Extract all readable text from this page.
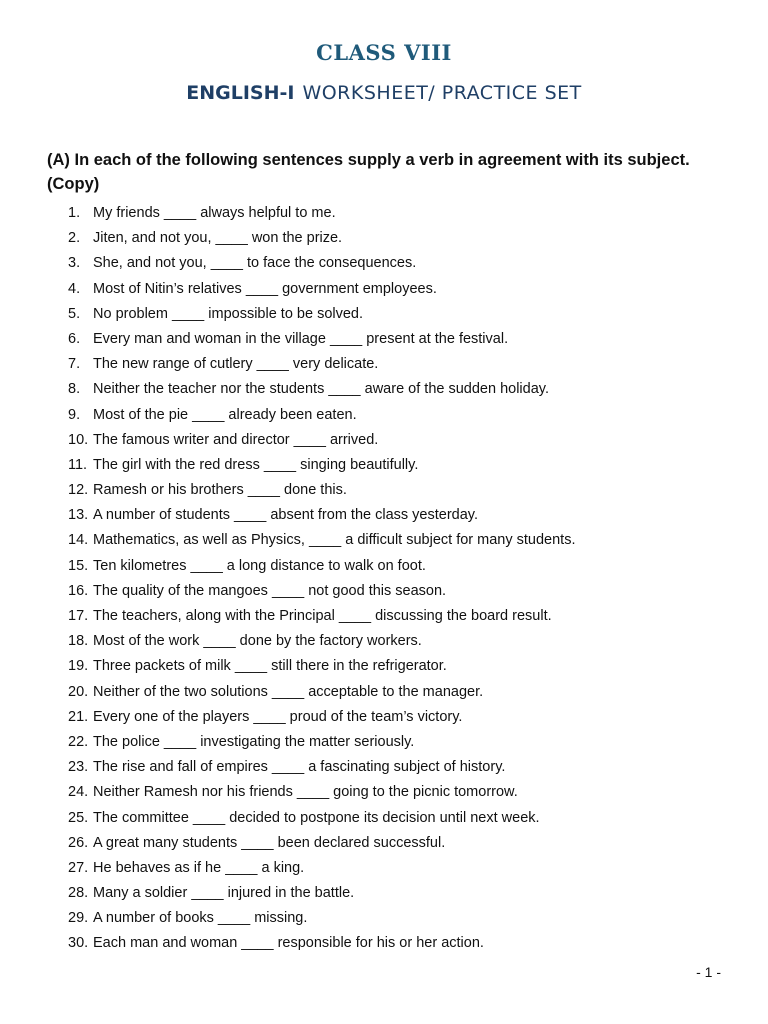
CLASS VIII
ENGLISH-I WORKSHEET/ PRACTICE SET
(A) In each of the following sentences supply a verb in agreement with its subject. (Copy)
1. My friends ____ always helpful to me.
2. Jiten, and not you, ____ won the prize.
3. She, and not you, ____ to face the consequences.
4. Most of Nitin’s relatives ____ government employees.
5. No problem ____ impossible to be solved.
6. Every man and woman in the village ____ present at the festival.
7. The new range of cutlery ____ very delicate.
8. Neither the teacher nor the students ____ aware of the sudden holiday.
9. Most of the pie ____ already been eaten.
10. The famous writer and director ____ arrived.
11. The girl with the red dress ____ singing beautifully.
12. Ramesh or his brothers ____ done this.
13. A number of students ____ absent from the class yesterday.
14. Mathematics, as well as Physics, ____ a difficult subject for many students.
15. Ten kilometres ____ a long distance to walk on foot.
16. The quality of the mangoes ____ not good this season.
17. The teachers, along with the Principal ____ discussing the board result.
18. Most of the work ____ done by the factory workers.
19. Three packets of milk ____ still there in the refrigerator.
20. Neither of the two solutions ____ acceptable to the manager.
21. Every one of the players ____ proud of the team’s victory.
22. The police ____ investigating the matter seriously.
23. The rise and fall of empires ____ a fascinating subject of history.
24. Neither Ramesh nor his friends ____ going to the picnic tomorrow.
25. The committee ____ decided to postpone its decision until next week.
26. A great many students ____ been declared successful.
27. He behaves as if he ____ a king.
28. Many a soldier ____ injured in the battle.
29. A number of books ____ missing.
30. Each man and woman ____ responsible for his or her action.
- 1 -
